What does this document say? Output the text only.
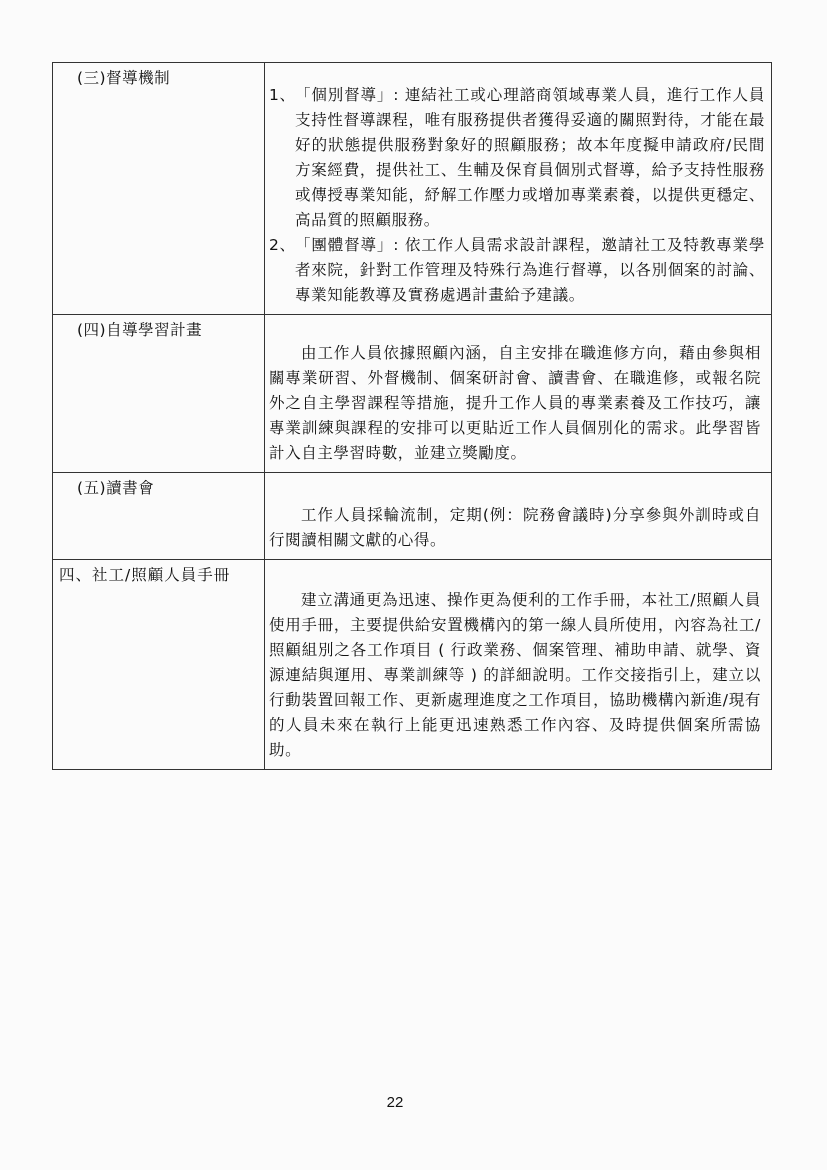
(三)督導機制	1、 「個別督導」: 連結社工或心理諮商領域專業人員，進行工作人員支持性督導課程，唯有服務提供者獲得妥適的關照對待，才能在最好的狀態提供服務對象好的照顧服務；故本年度擬申請政府/民間方案經費，提供社工、生輔及保育員個別式督導，給予支持性服務或傳授專業知能，紓解工作壓力或增加專業素養，以提供更穩定、高品質的照顧服務。
2、 「團體督導」: 依工作人員需求設計課程，邀請社工及特教專業學者來院，針對工作管理及特殊行為進行督導，以各別個案的討論、專業知能教導及實務處遇計畫給予建議。

(四)自導學習計畫	由工作人員依據照顧內涵，自主安排在職進修方向，藉由參與相關專業研習、外督機制、個案研討會、讀書會、在職進修，或報名院外之自主學習課程等措施，提升工作人員的專業素養及工作技巧，讓專業訓練與課程的安排可以更貼近工作人員個別化的需求。此學習皆計入自主學習時數，並建立獎勵度。

(五)讀書會	工作人員採輪流制，定期(例：院務會議時)分享參與外訓時或自行閱讀相關文獻的心得。

四、社工/照顧人員手冊	建立溝通更為迅速、操作更為便利的工作手冊，本社工/照顧人員使用手冊，主要提供給安置機構內的第一線人員所使用，內容為社工/照顧組別之各工作項目 ( 行政業務、個案管理、補助申請、就學、資源連結與運用、專業訓練等 ) 的詳細說明。工作交接指引上，建立以行動裝置回報工作、更新處理進度之工作項目，協助機構內新進/現有的人員未來在執行上能更迅速熟悉工作內容、及時提供個案所需協助。

22
